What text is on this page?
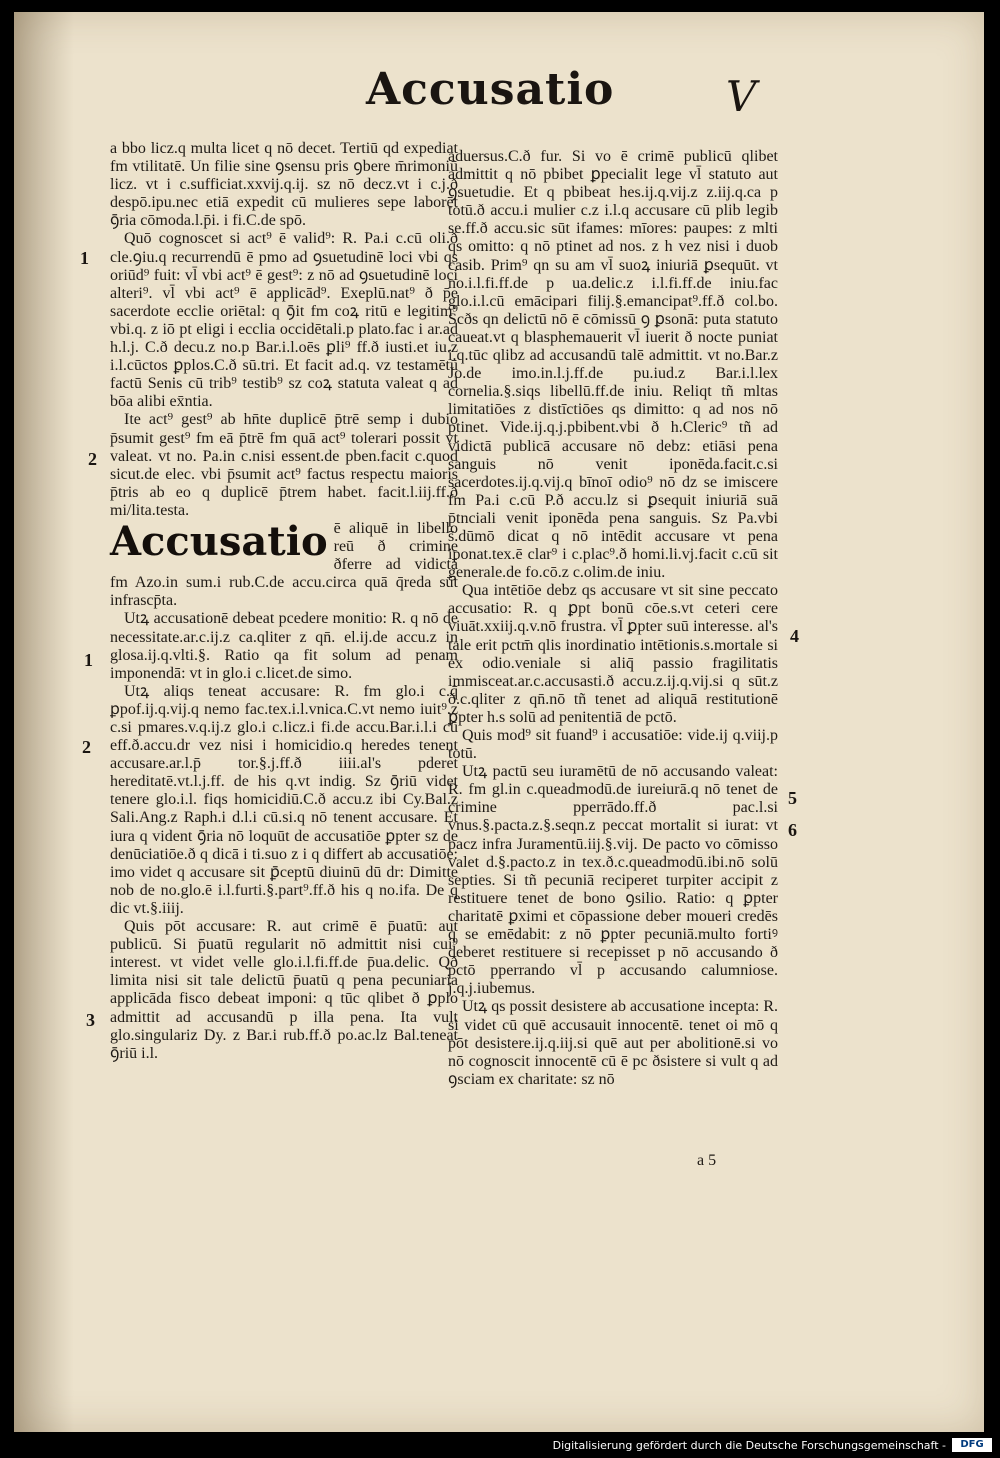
Accusatio	V

a bbo licz.q multa licet q nō decet. Tertiū qd expediat fm vtilitatē. Un filie sine ꝯsensu pris ꝯbere m̄rimoniū licz. vt i c.sufficiat.xxvij.q.ij. sz nō decz.vt i c.j.ð despō.ipu.nec etiā expedit cū mulieres sepe laborēt ꝯ̄ria cōmoda.l.p̄i. i fi.C.de spō.

Quō cognoscet si act⁹ ē valid⁹: R. Pa.i c.cū oli.ð cle.ꝯiu.q recurrendū ē pmo ad ꝯsuetudinē loci vbi qs oriūd⁹ fuit: vl̄ vbi act⁹ ē gest⁹: z nō ad ꝯsuetudinē loci alteri⁹. vl̄ vbi act⁹ ē applicād⁹. Exeplū.nat⁹ ð p̄e sacerdote ecclie oriētal: q ꝯ̄it fm coꝝ ritū e legitim⁹ vbi.q. z iō pt eligi i ecclia occidētali.p plato.fac i ar.ad h.l.j. C.ð decu.z no.p Bar.i.l.oēs ꝑli⁹ ff.ð iusti.et iu.z i.l.cūctos ꝑplos.C.ð sū.tri. Et facit ad.q. vz testamētū factū Senis cū trib⁹ testib⁹ sz coꝝ statuta valeat q ad bōa alibi ex̄ntia.

Ite act⁹ gest⁹ ab hn̄te duplicē p̄trē semp i dubio p̄sumit gest⁹ fm eā p̄trē fm quā act⁹ tolerari possit vt valeat. vt no. Pa.in c.nisi essent.de pben.facit c.quod sicut.de elec. vbi p̄sumit act⁹ factus respectu maioris p̄tris ab eo q duplicē p̄trem habet. facit.l.iij.ff.ð mi/lita.testa.

Accusatio ē aliquē in libello reū ð crimine ðferre ad vidictā fm Azo.in sum.i rub.C.de accu.circa quā q̄reda sūt infrascp̄ta.

Utꝝ accusationē debeat pcedere monitio: R. q nō de necessitate.ar.c.ij.z ca.qliter z qn̄. el.ij.de accu.z in glosa.ij.q.vlti.§. Ratio qa fit solum ad penam imponendā: vt in glo.i c.licet.de simo.

Utꝝ aliqs teneat accusare: R. fm glo.i c.q̄ ꝑpof.ij.q.vij.q nemo fac.tex.i.l.vnica.C.vt nemo iuit⁹.z c.si pmares.v.q.ij.z glo.i c.licz.i fi.de accu.Bar.i.l.i cū eff.ð.accu.dr vez nisi i homicidio.q heredes tenent accusare.ar.l.p̄ tor.§.j.ff.ð iiii.al's pderet hereditatē.vt.l.j.ff. de his q.vt indig. Sz ꝯ̄riū videt tenere glo.i.l. fiqs homicidiū.C.ð accu.z ibi Cy.Bal.z Sali.Ang.z Raph.i d.l.i cū.si.q nō tenent accusare. Et iura q vident ꝯ̄ria nō loquūt de accusatiōe ꝑpter sz de denūciatiōe.ð q dicā i ti.suo z i q differt ab accusatiōe: imo videt q accusare sit ꝑ̄ceptū diuinū dū dr: Dimitte nob de no.glo.ē i.l.furti.§.part⁹.ff.ð his q no.ifa. De q dic vt.§.iiij.

Quis pōt accusare: R. aut crimē ē p̄uatū: aut publicū. Si p̄uatū regularit nō admittit nisi cui⁹ interest. vt videt velle glo.i.l.fi.ff.de p̄ua.delic. Qð limita nisi sit tale delictū p̄uatū q pena pecuniaria applicāda fisco debeat imponi: q tūc qlibet ð ꝑplo admittit ad accusandū p illa pena. Ita vult glo.singulariz Dy. z Bar.i rub.ff.ð po.ac.lz Bal.teneat ꝯ̄riū i.l.

aduersus.C.ð fur. Si vo ē crimē publicū qlibet admittit q nō pbibet ꝑpecialit lege vl̄ statuto aut ꝯsuetudie. Et q pbibeat hes.ij.q.vij.z z.iij.q.ca p totū.ð accu.i mulier c.z i.l.q accusare cū plib legib se.ff.ð accu.sic sūt ifames: mīores: paupes: z mlti qs omitto: q nō ptinet ad nos. z h vez nisi i duob casib. Prim⁹ qn su am vl̄ suoꝝ iniuriā ꝑsequūt. vt no.i.l.fi.ff.de p ua.delic.z i.l.fi.ff.de iniu.fac glo.i.l.cū emācipari filij.§.emancipat⁹.ff.ð col.bo. Scðs qn delictū nō ē cōmissū ꝯ ꝑsonā: puta statuto caueat.vt q blasphemauerit vl̄ iuerit ð nocte puniat i.q.tūc qlibz ad accusandū talē admittit. vt no.Bar.z Jo.de imo.in.l.j.ff.de pu.iud.z Bar.i.l.lex cornelia.§.siqs libellū.ff.de iniu. Reliqt tñ mltas limitatiōes z distīctiōes qs dimitto: q ad nos nō ptinet. Vide.ij.q.j.pbibent.vbi ð h.Cleric⁹ tñ ad vidictā publicā accusare nō debz: etiāsi pena sanguis nō venit iponēda.facit.c.si sacerdotes.ij.q.vij.q bīnoī odio⁹ nō dz se imiscere fm Pa.i c.cū P.ð accu.lz si ꝑsequit iniuriā suā p̄tnciali venit iponēda pena sanguis. Sz Pa.vbi s̄.dūmō dicat q nō intēdit accusare vt pena iponat.tex.ē clar⁹ i c.plac⁹.ð homi.li.vj.facit c.cū sit generale.de fo.cō.z c.olim.de iniu.

Qua intētiōe debz qs accusare vt sit sine peccato accusatio: R. q ꝑpt bonū cōe.s.vt ceteri cere viuāt.xxiij.q.v.nō frustra. vl̄ ꝑpter suū interesse. al's tale erit pctm̄ qlis inordinatio intētionis.s.mortale si ex odio.veniale si aliq̄ passio fragilitatis immisceat.ar.c.accusasti.ð accu.z.ij.q.vij.si q sūt.z ð.c.qliter z qn̄.nō tñ tenet ad aliquā restitutionē ꝑpter h.s solū ad penitentiā de pctō.

Quis mod⁹ sit fuand⁹ i accusatiōe: vide.ij q.viij.p totū.

Utꝝ pactū seu iuramētū de nō accusando valeat: R. fm gl.in c.queadmodū.de iureiurā.q nō tenet de crimine pperrādo.ff.ð pac.l.si vnus.§.pacta.z.§.seqn.z peccat mortalit si iurat: vt pacz infra Juramentū.iij.§.vij. De pacto vo cōmisso valet d.§.pacto.z in tex.ð.c.queadmodū.ibi.nō solū septies. Si tñ pecuniā reciperet turpiter accipit z restituere tenet de bono ꝯsilio. Ratio: q ꝑpter charitatē ꝑximi et cōpassione deber moueri credēs q se emēdabit: z nō ꝑpter pecuniā.multo fortiꝰ deberet restituere si recepisset p nō accusando ð pctō pperrando vl̄ p accusando calumniose. j.q.j.iubemus.

Utꝝ qs possit desistere ab accusatione incepta: R. si videt cū quē accusauit innocentē. tenet oi mō q pōt desistere.ij.q.iij.si quē aut per abolitionē.si vo nō cognoscit innocentē cū ē pc ðsistere si vult q ad ꝯsciam ex charitate: sz nō

1
2
1
2
3
4
5
6
a 5
Digitalisierung gefördert durch die Deutsche Forschungsgemeinschaft -	DFG
